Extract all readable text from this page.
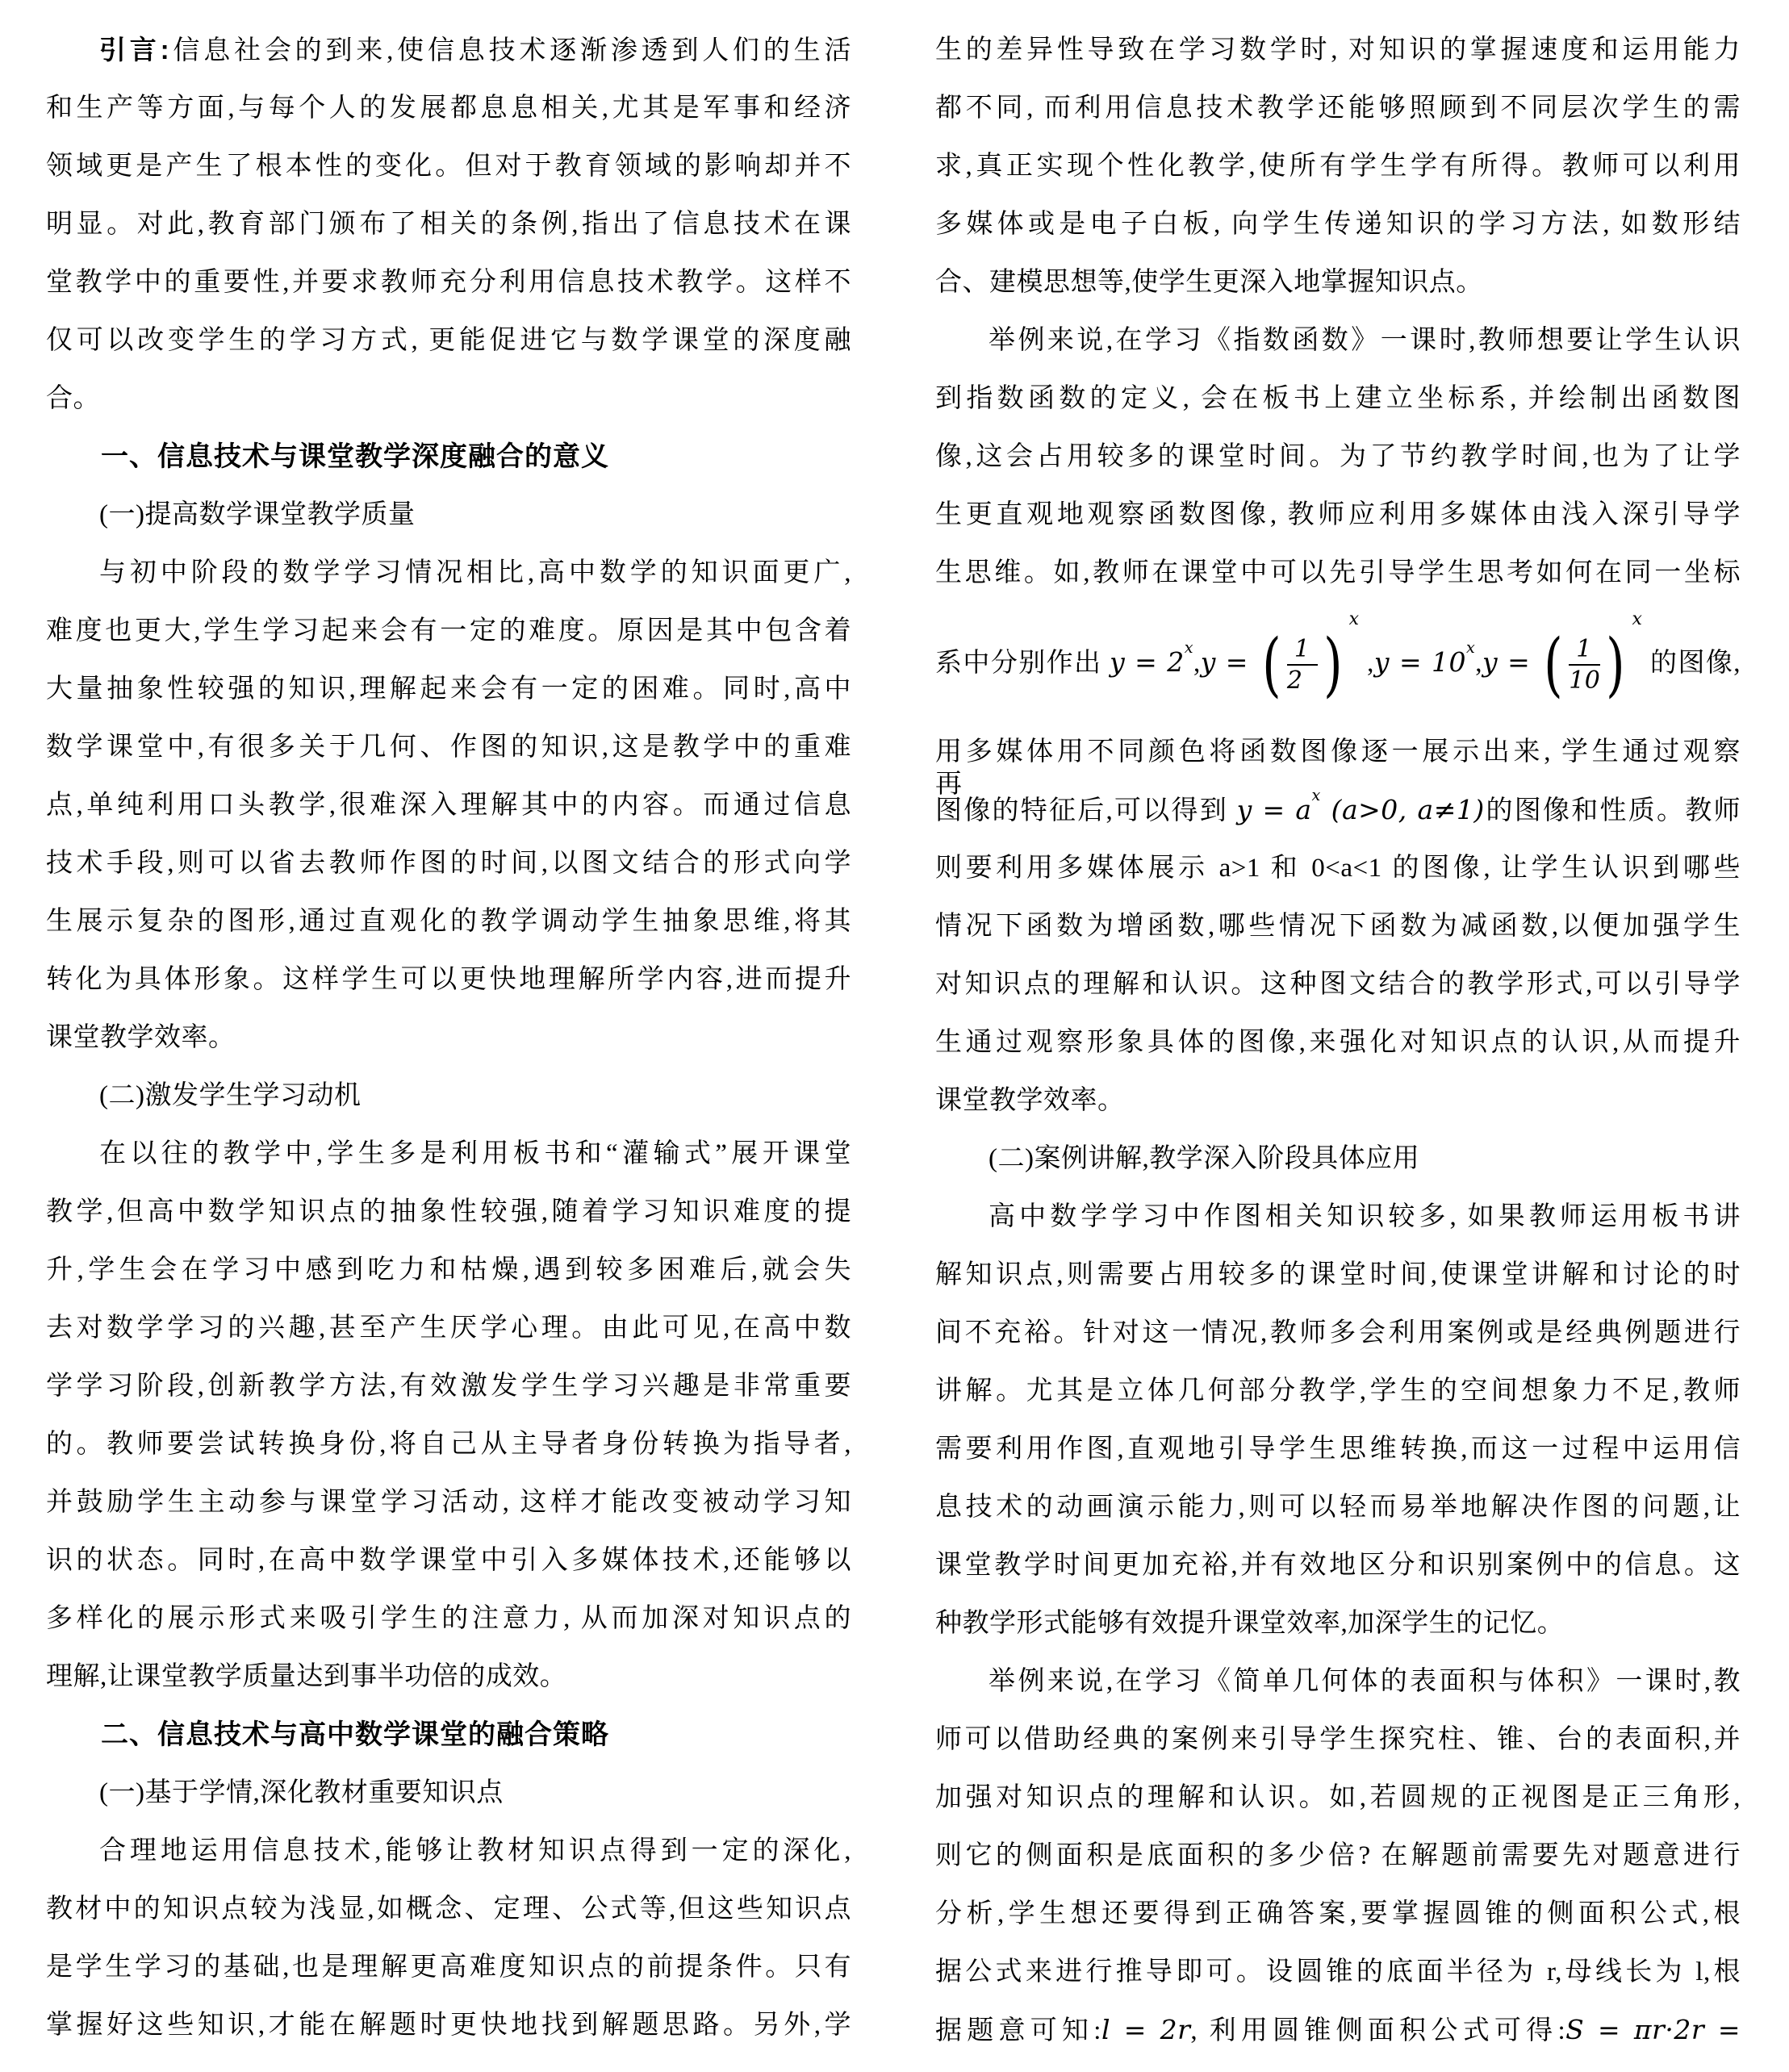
引言:信息社会的到来,使信息技术逐渐渗透到人们的生活

和生产等方面,与每个人的发展都息息相关,尤其是军事和经济

领域更是产生了根本性的变化。但对于教育领域的影响却并不

明显。对此,教育部门颁布了相关的条例,指出了信息技术在课

堂教学中的重要性,并要求教师充分利用信息技术教学。这样不

仅可以改变学生的学习方式, 更能促进它与数学课堂的深度融

合。

一、信息技术与课堂教学深度融合的意义

(一)提高数学课堂教学质量

与初中阶段的数学学习情况相比,高中数学的知识面更广,

难度也更大,学生学习起来会有一定的难度。原因是其中包含着

大量抽象性较强的知识,理解起来会有一定的困难。同时,高中

数学课堂中,有很多关于几何、作图的知识,这是教学中的重难

点,单纯利用口头教学,很难深入理解其中的内容。而通过信息

技术手段,则可以省去教师作图的时间,以图文结合的形式向学

生展示复杂的图形,通过直观化的教学调动学生抽象思维,将其

转化为具体形象。这样学生可以更快地理解所学内容,进而提升

课堂教学效率。

(二)激发学生学习动机

在以往的教学中,学生多是利用板书和“灌输式”展开课堂

教学,但高中数学知识点的抽象性较强,随着学习知识难度的提

升,学生会在学习中感到吃力和枯燥,遇到较多困难后,就会失

去对数学学习的兴趣,甚至产生厌学心理。由此可见,在高中数

学学习阶段,创新教学方法,有效激发学生学习兴趣是非常重要

的。教师要尝试转换身份,将自己从主导者身份转换为指导者,

并鼓励学生主动参与课堂学习活动, 这样才能改变被动学习知

识的状态。同时,在高中数学课堂中引入多媒体技术,还能够以

多样化的展示形式来吸引学生的注意力, 从而加深对知识点的

理解,让课堂教学质量达到事半功倍的成效。

二、信息技术与高中数学课堂的融合策略

(一)基于学情,深化教材重要知识点

合理地运用信息技术,能够让教材知识点得到一定的深化,

教材中的知识点较为浅显,如概念、定理、公式等,但这些知识点

是学生学习的基础,也是理解更高难度知识点的前提条件。只有

掌握好这些知识,才能在解题时更快地找到解题思路。另外,学

生的差异性导致在学习数学时, 对知识的掌握速度和运用能力

都不同, 而利用信息技术教学还能够照顾到不同层次学生的需

求,真正实现个性化教学,使所有学生学有所得。教师可以利用

多媒体或是电子白板, 向学生传递知识的学习方法, 如数形结

合、建模思想等,使学生更深入地掌握知识点。

举例来说,在学习《指数函数》一课时,教师想要让学生认识

到指数函数的定义, 会在板书上建立坐标系, 并绘制出函数图

像,这会占用较多的课堂时间。为了节约教学时间,也为了让学

生更直观地观察函数图像, 教师应利用多媒体由浅入深引导学

生思维。如,教师在课堂中可以先引导学生思考如何在同一坐标

系中分别作出 $y = 2^x,y$ = ( $\frac{1}{2} )^x$ $,y = 10^x,y$ = ( $\frac{1}{10} )^x$ 的图像,再

用多媒体用不同颜色将函数图像逐一展示出来, 学生通过观察

图像的特征后,可以得到 $y = a^x$ (a>0, a≠1)的图像和性质。教师

则要利用多媒体展示 a>1 和 0<a<1 的图像, 让学生认识到哪些

情况下函数为增函数,哪些情况下函数为减函数,以便加强学生

对知识点的理解和认识。这种图文结合的教学形式,可以引导学

生通过观察形象具体的图像,来强化对知识点的认识,从而提升

课堂教学效率。

(二)案例讲解,教学深入阶段具体应用

高中数学学习中作图相关知识较多, 如果教师运用板书讲

解知识点,则需要占用较多的课堂时间,使课堂讲解和讨论的时

间不充裕。针对这一情况,教师多会利用案例或是经典例题进行

讲解。尤其是立体几何部分教学,学生的空间想象力不足,教师

需要利用作图,直观地引导学生思维转换,而这一过程中运用信

息技术的动画演示能力,则可以轻而易举地解决作图的问题,让

课堂教学时间更加充裕,并有效地区分和识别案例中的信息。这

种教学形式能够有效提升课堂效率,加深学生的记忆。

举例来说,在学习《简单几何体的表面积与体积》一课时,教

师可以借助经典的案例来引导学生探究柱、锥、台的表面积,并

加强对知识点的理解和认识。如,若圆规的正视图是正三角形,

则它的侧面积是底面积的多少倍? 在解题前需要先对题意进行

分析,学生想还要得到正确答案,要掌握圆锥的侧面积公式,根

据公式来进行推导即可。设圆锥的底面半径为 r,母线长为 l,根

据题意可知:l = 2r, 利用圆锥侧面积公式可得:S = πr·2r =
